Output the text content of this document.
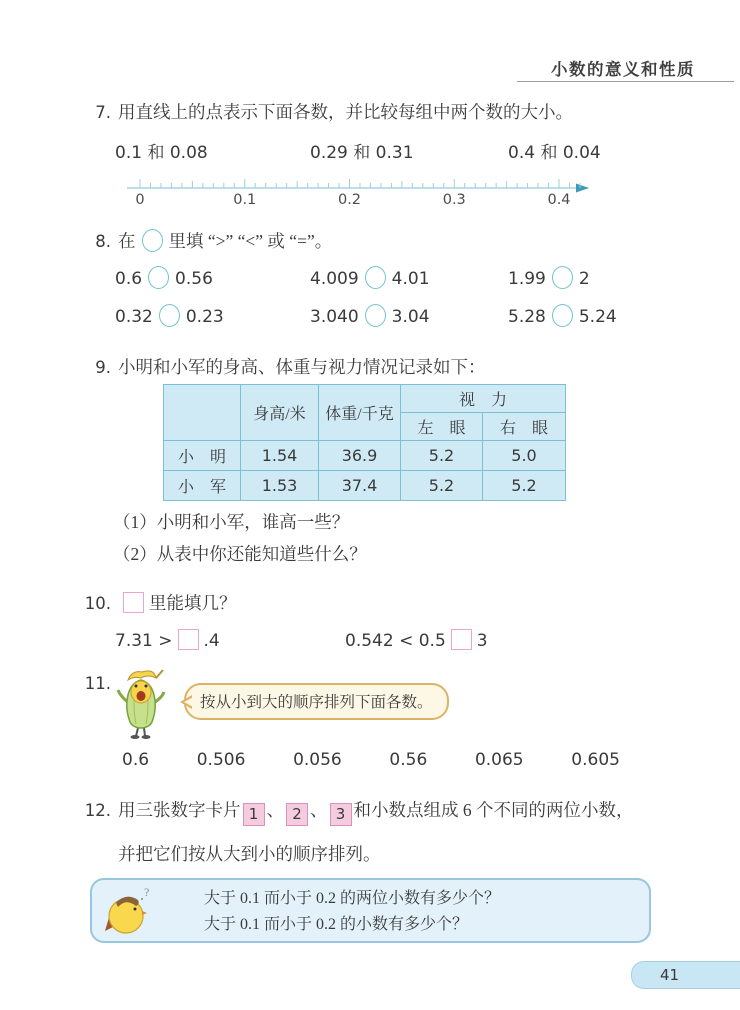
小数的意义和性质
7. 用直线上的点表示下面各数，并比较每组中两个数的大小。
0.1 和 0.08	0.29 和 0.31	0.4 和 0.04
0	0.1	0.2	0.3	0.4
8. 在 里填 “>” “<” 或 “=”。
0.6 0.56	4.009 4.01	1.99 2
0.32 0.23	3.040 3.04	5.28 5.24
9. 小明和小军的身高、体重与视力情况记录如下：
	身高/米	体重/千克	视　力	
			左　眼	右　眼
小　明	1.54	36.9	5.2	5.0
小　军	1.53	37.4	5.2	5.2
（1）小明和小军，谁高一些？
（2）从表中你还能知道些什么？
10. 里能填几？
7.31 > .4	0.542 < 0.5 3
11.
按从小到大的顺序排列下面各数。
0.6	0.506	0.056	0.56	0.065	0.605
12. 用三张数字卡片 1 、 2 、 3 和小数点组成 6 个不同的两位小数，
并把它们按从大到小的顺序排列。
?	大于 0.1 而小于 0.2 的两位小数有多少个？
大于 0.1 而小于 0.2 的小数有多少个？
41
